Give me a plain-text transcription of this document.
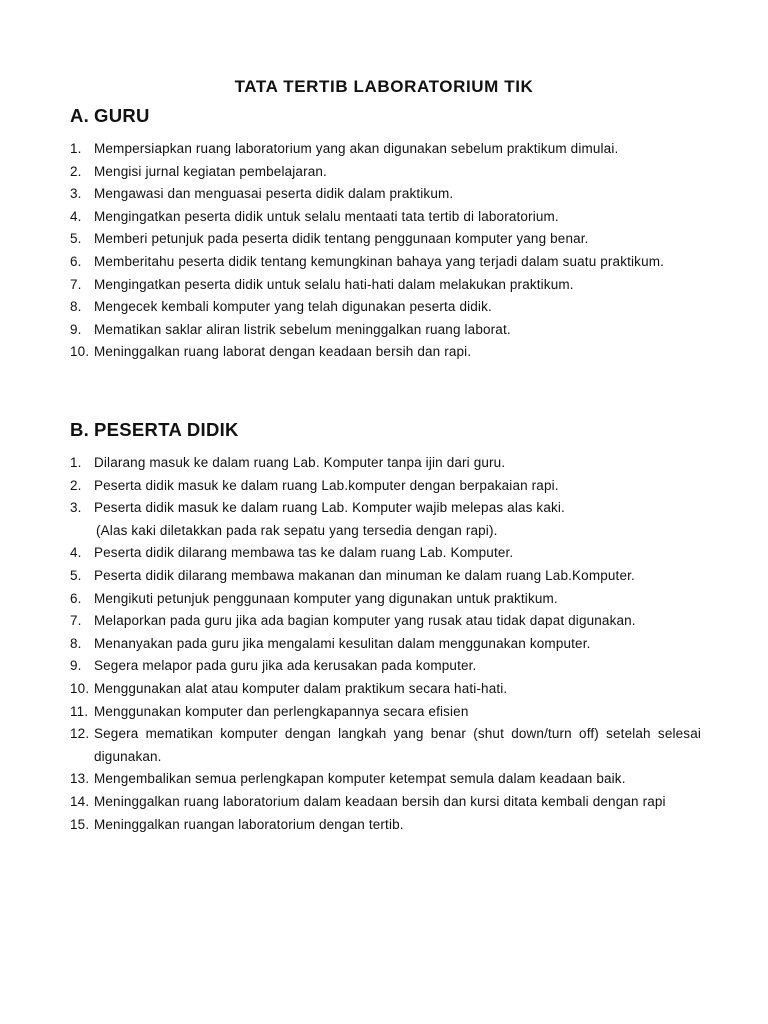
TATA TERTIB LABORATORIUM TIK
A. GURU
1. Mempersiapkan ruang laboratorium yang akan digunakan sebelum praktikum dimulai.
2. Mengisi jurnal kegiatan pembelajaran.
3. Mengawasi dan menguasai peserta didik dalam praktikum.
4. Mengingatkan peserta didik untuk selalu mentaati tata tertib di laboratorium.
5. Memberi petunjuk pada peserta didik tentang penggunaan komputer yang benar.
6. Memberitahu peserta didik tentang kemungkinan bahaya yang terjadi dalam suatu praktikum.
7. Mengingatkan peserta didik untuk selalu hati-hati dalam melakukan praktikum.
8. Mengecek kembali komputer yang telah digunakan peserta didik.
9. Mematikan saklar aliran listrik sebelum meninggalkan ruang laborat.
10. Meninggalkan ruang laborat dengan keadaan bersih dan rapi.
B. PESERTA DIDIK
1. Dilarang masuk ke dalam ruang Lab. Komputer tanpa ijin dari guru.
2. Peserta didik masuk ke dalam ruang Lab.komputer dengan berpakaian rapi.
3. Peserta didik masuk ke dalam ruang Lab. Komputer wajib melepas alas kaki.
(Alas kaki diletakkan pada rak sepatu yang tersedia dengan rapi).
4. Peserta didik dilarang membawa tas ke dalam ruang Lab. Komputer.
5. Peserta didik dilarang membawa makanan dan minuman ke dalam ruang Lab.Komputer.
6. Mengikuti petunjuk penggunaan komputer yang digunakan untuk praktikum.
7. Melaporkan pada guru jika ada bagian komputer yang rusak atau tidak dapat digunakan.
8. Menanyakan pada guru jika mengalami kesulitan dalam menggunakan komputer.
9. Segera melapor pada guru jika ada kerusakan pada komputer.
10. Menggunakan alat atau komputer dalam praktikum secara hati-hati.
11. Menggunakan komputer dan perlengkapannya secara efisien
12. Segera mematikan komputer dengan langkah yang benar (shut down/turn off) setelah selesai digunakan.
13. Mengembalikan semua perlengkapan komputer ketempat semula dalam keadaan baik.
14. Meninggalkan ruang laboratorium dalam keadaan bersih dan kursi ditata kembali dengan rapi
15. Meninggalkan ruangan laboratorium dengan tertib.
